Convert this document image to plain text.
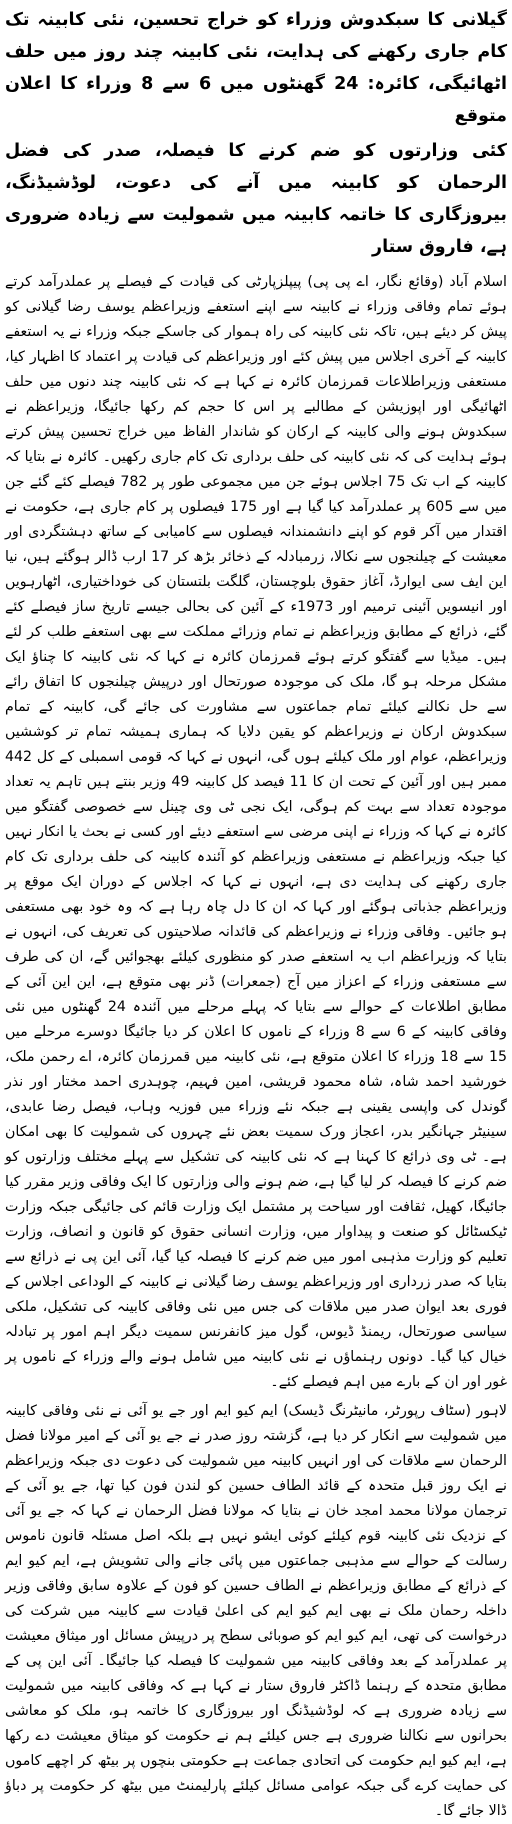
گیلانی کا سبکدوش وزراء کو خراج تحسین، نئی کابینہ تک کام جاری رکھنے کی ہدایت، نئی کابینہ چند روز میں حلف اٹھائیگی، کائرہ: 24 گھنٹوں میں 6 سے 8 وزراء کا اعلان متوقع
کئی وزارتوں کو ضم کرنے کا فیصلہ، صدر کی فضل الرحمان کو کابینہ میں آنے کی دعوت، لوڈشیڈنگ، بیروزگاری کا خاتمہ کابینہ میں شمولیت سے زیادہ ضروری ہے، فاروق ستار

اسلام آباد (وقائع نگار، اے پی پی) پیپلزپارٹی کی قیادت کے فیصلے پر عملدرآمد کرتے ہوئے تمام وفاقی وزراء نے کابینہ سے اپنے استعفے وزیراعظم یوسف رضا گیلانی کو پیش کر دیئے ہیں، تاکہ نئی کابینہ کی راہ ہموار کی جاسکے جبکہ وزراء نے یہ استعفے کابینہ کے آخری اجلاس میں پیش کئے اور وزیراعظم کی قیادت پر اعتماد کا اظہار کیا، مستعفی وزیراطلاعات قمرزمان کائرہ نے کہا ہے کہ نئی کابینہ چند دنوں میں حلف اٹھائیگی اور اپوزیشن کے مطالبے پر اس کا حجم کم رکھا جائیگا، وزیراعظم نے سبکدوش ہونے والی کابینہ کے ارکان کو شاندار الفاظ میں خراج تحسین پیش کرتے ہوئے ہدایت کی کہ نئی کابینہ کی حلف برداری تک کام جاری رکھیں۔ کائرہ نے بتایا کہ کابینہ کے اب تک 75 اجلاس ہوئے جن میں مجموعی طور پر 782 فیصلے کئے گئے جن میں سے 605 پر عملدرآمد کیا گیا ہے اور 175 فیصلوں پر کام جاری ہے، حکومت نے اقتدار میں آکر قوم کو اپنے دانشمندانہ فیصلوں سے کامیابی کے ساتھ دہشتگردی اور معیشت کے چیلنجوں سے نکالا، زرمبادلہ کے ذخائر بڑھ کر 17 ارب ڈالر ہوگئے ہیں، نیا این ایف سی ایوارڈ، آغاز حقوق بلوچستان، گلگت بلتستان کی خوداختیاری، اٹھارہویں اور انیسویں آئینی ترمیم اور 1973ء کے آئین کی بحالی جیسے تاریخ ساز فیصلے کئے گئے، ذرائع کے مطابق وزیراعظم نے تمام وزرائے مملکت سے بھی استعفے طلب کر لئے ہیں۔ میڈیا سے گفتگو کرتے ہوئے قمرزمان کائرہ نے کہا کہ نئی کابینہ کا چناؤ ایک مشکل مرحلہ ہو گا، ملک کی موجودہ صورتحال اور درپیش چیلنجوں کا اتفاق رائے سے حل نکالنے کیلئے تمام جماعتوں سے مشاورت کی جائے گی، کابینہ کے تمام سبکدوش ارکان نے وزیراعظم کو یقین دلایا کہ ہماری ہمیشہ تمام تر کوششیں وزیراعظم، عوام اور ملک کیلئے ہوں گی، انہوں نے کہا کہ قومی اسمبلی کے کل 442 ممبر ہیں اور آئین کے تحت ان کا 11 فیصد کل کابینہ 49 وزیر بنتے ہیں تاہم یہ تعداد موجودہ تعداد سے بہت کم ہوگی، ایک نجی ٹی وی چینل سے خصوصی گفتگو میں کائرہ نے کہا کہ وزراء نے اپنی مرضی سے استعفے دیئے اور کسی نے بحث یا انکار نہیں کیا جبکہ وزیراعظم نے مستعفی وزیراعظم کو آئندہ کابینہ کی حلف برداری تک کام جاری رکھنے کی ہدایت دی ہے، انہوں نے کہا کہ اجلاس کے دوران ایک موقع پر وزیراعظم جذباتی ہوگئے اور کہا کہ ان کا دل چاہ رہا ہے کہ وہ خود بھی مستعفی ہو جائیں۔ وفاقی وزراء نے وزیراعظم کی قائدانہ صلاحیتوں کی تعریف کی، انہوں نے بتایا کہ وزیراعظم اب یہ استعفے صدر کو منظوری کیلئے بھجوائیں گے، ان کی طرف سے مستعفی وزراء کے اعزاز میں آج (جمعرات) ڈنر بھی متوقع ہے، این این آئی کے مطابق اطلاعات کے حوالے سے بتایا کہ پہلے مرحلے میں آئندہ 24 گھنٹوں میں نئی وفاقی کابینہ کے 6 سے 8 وزراء کے ناموں کا اعلان کر دیا جائیگا دوسرے مرحلے میں 15 سے 18 وزراء کا اعلان متوقع ہے، نئی کابینہ میں قمرزمان کائرہ، اے رحمن ملک، خورشید احمد شاہ، شاہ محمود قریشی، امین فہیم، چوہدری احمد مختار اور نذر گوندل کی واپسی یقینی ہے جبکہ نئے وزراء میں فوزیہ وہاب، فیصل رضا عابدی، سینیٹر جہانگیر بدر، اعجاز ورک سمیت بعض نئے چہروں کی شمولیت کا بھی امکان ہے۔ ٹی وی ذرائع کا کہنا ہے کہ نئی کابینہ کی تشکیل سے پہلے مختلف وزارتوں کو ضم کرنے کا فیصلہ کر لیا گیا ہے، ضم ہونے والی وزارتوں کا ایک وفاقی وزیر مقرر کیا جائیگا، کھیل، ثقافت اور سیاحت پر مشتمل ایک وزارت قائم کی جائیگی جبکہ وزارت ٹیکسٹائل کو صنعت و پیداوار میں، وزارت انسانی حقوق کو قانون و انصاف، وزارت تعلیم کو وزارت مذہبی امور میں ضم کرنے کا فیصلہ کیا گیا، آئی این پی نے ذرائع سے بتایا کہ صدر زرداری اور وزیراعظم یوسف رضا گیلانی نے کابینہ کے الوداعی اجلاس کے فوری بعد ایوان صدر میں ملاقات کی جس میں نئی وفاقی کابینہ کی تشکیل، ملکی سیاسی صورتحال، ریمنڈ ڈیوس، گول میز کانفرنس سمیت دیگر اہم امور پر تبادلہ خیال کیا گیا۔ دونوں رہنماؤں نے نئی کابینہ میں شامل ہونے والے وزراء کے ناموں پر غور اور ان کے بارے میں اہم فیصلے کئے۔

لاہور (سٹاف رپورٹر، مانیٹرنگ ڈیسک) ایم کیو ایم اور جے یو آئی نے نئی وفاقی کابینہ میں شمولیت سے انکار کر دیا ہے، گزشتہ روز صدر نے جے یو آئی کے امیر مولانا فضل الرحمان سے ملاقات کی اور انہیں کابینہ میں شمولیت کی دعوت دی جبکہ وزیراعظم نے ایک روز قبل متحدہ کے قائد الطاف حسین کو لندن فون کیا تھا، جے یو آئی کے ترجمان مولانا محمد امجد خان نے بتایا کہ مولانا فضل الرحمان نے کہا کہ جے یو آئی کے نزدیک نئی کابینہ قوم کیلئے کوئی ایشو نہیں ہے بلکہ اصل مسئلہ قانون ناموس رسالت کے حوالے سے مذہبی جماعتوں میں پائی جانے والی تشویش ہے، ایم کیو ایم کے ذرائع کے مطابق وزیراعظم نے الطاف حسین کو فون کے علاوہ سابق وفاقی وزیر داخلہ رحمان ملک نے بھی ایم کیو ایم کی اعلیٰ قیادت سے کابینہ میں شرکت کی درخواست کی تھی، ایم کیو ایم کو صوبائی سطح پر درپیش مسائل اور میثاق معیشت پر عملدرآمد کے بعد وفاقی کابینہ میں شمولیت کا فیصلہ کیا جائیگا۔ آئی این پی کے مطابق متحدہ کے رہنما ڈاکٹر فاروق ستار نے کہا ہے کہ وفاقی کابینہ میں شمولیت سے زیادہ ضروری ہے کہ لوڈشیڈنگ اور بیروزگاری کا خاتمہ ہو، ملک کو معاشی بحرانوں سے نکالنا ضروری ہے جس کیلئے ہم نے حکومت کو میثاق معیشت دے رکھا ہے، ایم کیو ایم حکومت کی اتحادی جماعت ہے حکومتی بنچوں پر بیٹھ کر اچھے کاموں کی حمایت کرے گی جبکہ عوامی مسائل کیلئے پارلیمنٹ میں بیٹھ کر حکومت پر دباؤ ڈالا جائے گا۔
